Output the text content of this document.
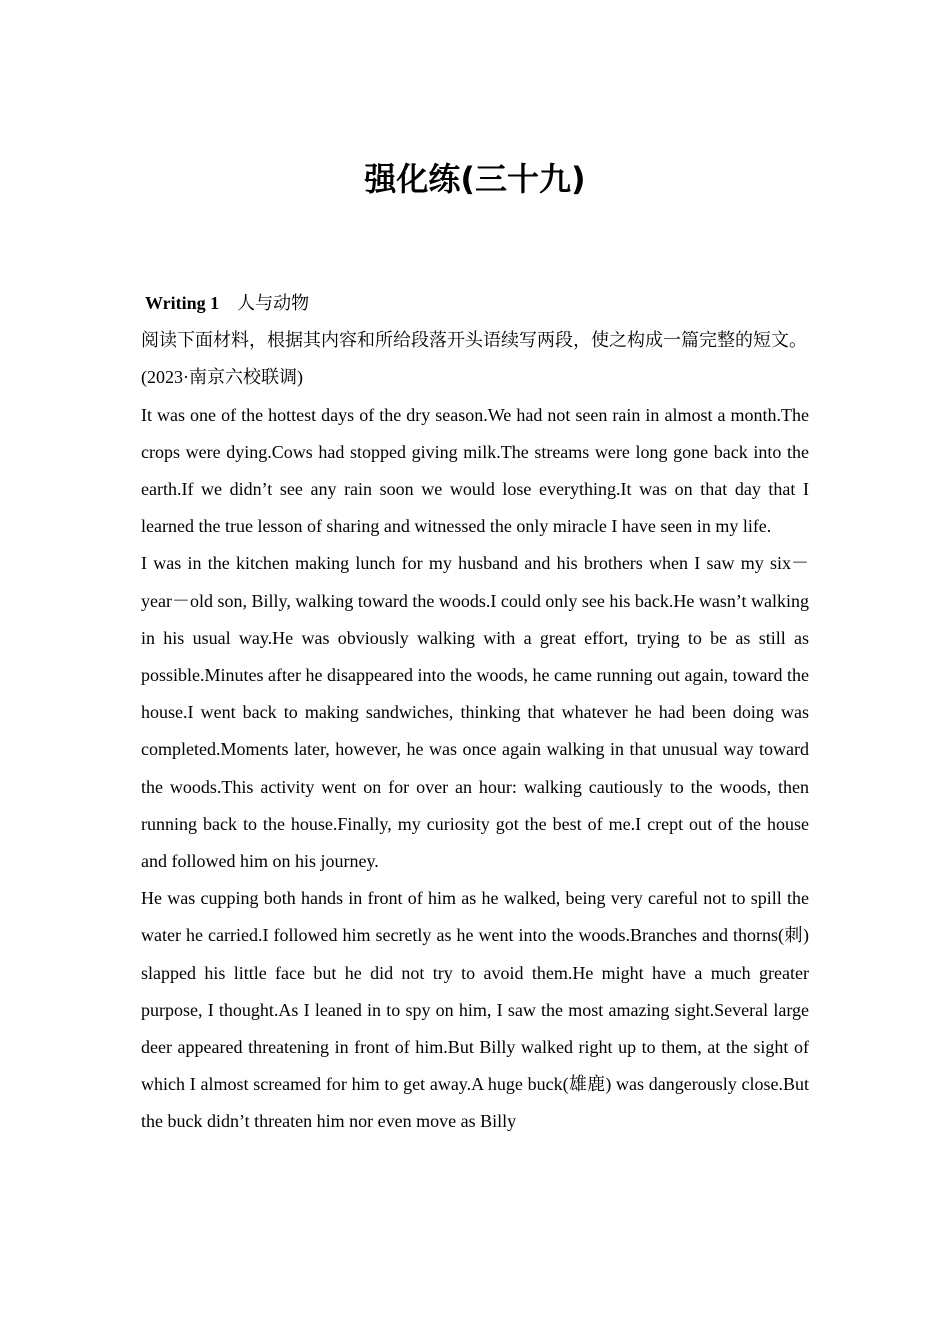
强化练(三十九)

Writing 1 人与动物

阅读下面材料，根据其内容和所给段落开头语续写两段，使之构成一篇完整的短文。

(2023·南京六校联调)

It was one of the hottest days of the dry season.We had not seen rain in almost a month.The crops were dying.Cows had stopped giving milk.The streams were long gone back into the earth.If we didn’t see any rain soon we would lose everything.It was on that day that I learned the true lesson of sharing and witnessed the only miracle I have seen in my life.

I was in the kitchen making lunch for my husband and his brothers when I saw my six－year－old son, Billy, walking toward the woods.I could only see his back.He wasn’t walking in his usual way.He was obviously walking with a great effort, trying to be as still as possible.Minutes after he disappeared into the woods, he came running out again, toward the house.I went back to making sandwiches, thinking that whatever he had been doing was completed.Moments later, however, he was once again walking in that unusual way toward the woods.This activity went on for over an hour: walking cautiously to the woods, then running back to the house.Finally, my curiosity got the best of me.I crept out of the house and followed him on his journey.

He was cupping both hands in front of him as he walked, being very careful not to spill the water he carried.I followed him secretly as he went into the woods.Branches and thorns(刺) slapped his little face but he did not try to avoid them.He might have a much greater purpose, I thought.As I leaned in to spy on him, I saw the most amazing sight.Several large deer appeared threatening in front of him.But Billy walked right up to them, at the sight of which I almost screamed for him to get away.A huge buck(雄鹿) was dangerously close.But the buck didn’t threaten him nor even move as Billy
